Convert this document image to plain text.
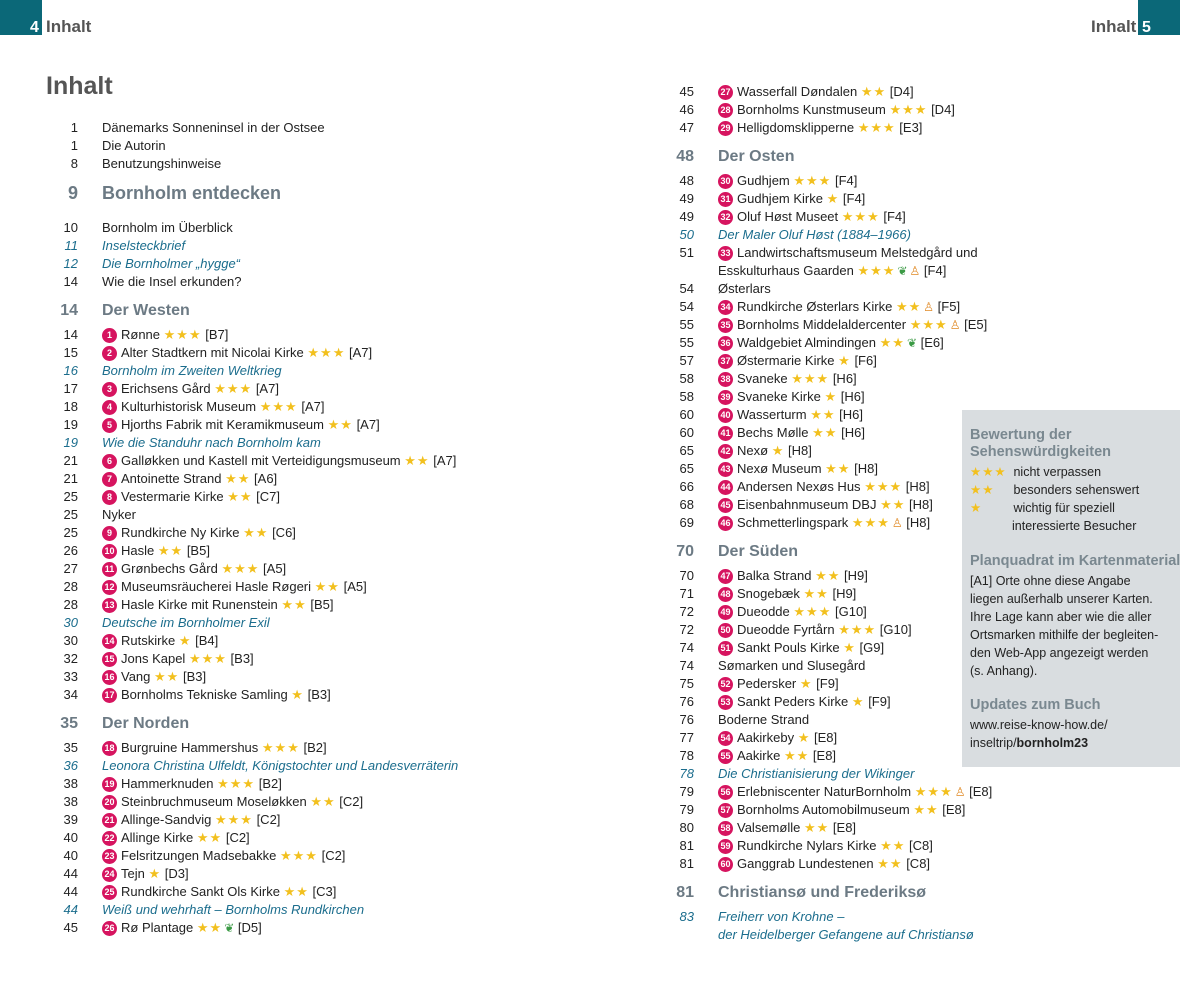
4 Inhalt	5
Inhalt
Inhalt
1 Dänemarks Sonneninsel in der Ostsee
1 Die Autorin
8 Benutzungshinweise
9 Bornholm entdecken
10 Bornholm im Überblick
11 Inselsteckbrief
12 Die Bornholmer „hygge“
14 Wie die Insel erkunden?
14 Der Westen
14	1 Rønne ★★★ [B7]
15	2 Alter Stadtkern mit Nicolai Kirke ★★★ [A7]
16 Bornholm im Zweiten Weltkrieg
17	3 Erichsens Gård ★★★ [A7]
18	4 Kulturhistorisk Museum ★★★ [A7]
19	5 Hjorths Fabrik mit Keramikmuseum ★★ [A7]
19 Wie die Standuhr nach Bornholm kam
21	6 Galløkken und Kastell mit Verteidigungsmuseum ★★ [A7]
21	7 Antoinette Strand ★★ [A6]
25	8 Vestermarie Kirke ★★ [C7]
25 Nyker
25	9 Rundkirche Ny Kirke ★★ [C6]
26	10 Hasle ★★ [B5]
27	11 Grønbechs Gård ★★★ [A5]
28	12 Museumsräucherei Hasle Røgeri ★★ [A5]
28	13 Hasle Kirke mit Runenstein ★★ [B5]
30 Deutsche im Bornholmer Exil
30	14 Rutskirke ★ [B4]
32	15 Jons Kapel ★★★ [B3]
33	16 Vang ★★ [B3]
34	17 Bornholms Tekniske Samling ★ [B3]
35 Der Norden
35	18 Burgruine Hammershus ★★★ [B2]
36 Leonora Christina Ulfeldt, Königstochter und Landesverräterin
38	19 Hammerknuden ★★★ [B2]
38	20 Steinbruchmuseum Moseløkken ★★ [C2]
39	21 Allinge-Sandvig ★★★ [C2]
40	22 Allinge Kirke ★★ [C2]
40	23 Felsritzungen Madsebakke ★★★ [C2]
44	24 Tejn ★ [D3]
44	25 Rundkirche Sankt Ols Kirke ★★ [C3]
44 Weiß und wehrhaft – Bornholms Rundkirchen
45	26 Rø Plantage ★★ ❦ [D5]
45	27 Wasserfall Døndalen ★★ [D4]
46	28 Bornholms Kunstmuseum ★★★ [D4]
47	29 Helligdomsklipperne ★★★ [E3]
48 Der Osten
48	30 Gudhjem ★★★ [F4]
49	31 Gudhjem Kirke ★ [F4]
49	32 Oluf Høst Museet ★★★ [F4]
50 Der Maler Oluf Høst (1884–1966)
51	33 Landwirtschaftsmuseum Melstedgård und
Esskulturhaus Gaarden ★★★ ❦ ♙ [F4]
54 Østerlars
54	34 Rundkirche Østerlars Kirke ★★ ♙ [F5]
55	35 Bornholms Middelaldercenter ★★★ ♙ [E5]
55	36 Waldgebiet Almindingen ★★ ❦ [E6]
57	37 Østermarie Kirke ★ [F6]
58	38 Svaneke ★★★ [H6]
58	39 Svaneke Kirke ★ [H6]
60	40 Wasserturm ★★ [H6]
60	41 Bechs Mølle ★★ [H6]
65	42 Nexø ★ [H8]
65	43 Nexø Museum ★★ [H8]
66	44 Andersen Nexøs Hus ★★★ [H8]
68	45 Eisenbahnmuseum DBJ ★★ [H8]
69	46 Schmetterlingspark ★★★ ♙ [H8]
70 Der Süden
70	47 Balka Strand ★★ [H9]
71	48 Snogebæk ★★ [H9]
72	49 Dueodde ★★★ [G10]
72	50 Dueodde Fyrtårn ★★★ [G10]
74	51 Sankt Pouls Kirke ★ [G9]
74 Sømarken und Slusegård
75	52 Pedersker ★ [F9]
76	53 Sankt Peders Kirke ★ [F9]
76 Boderne Strand
77	54 Aakirkeby ★ [E8]
78	55 Aakirke ★★ [E8]
78 Die Christianisierung der Wikinger
79	56 Erlebniscenter NaturBornholm ★★★ ♙ [E8]
79	57 Bornholms Automobilmuseum ★★ [E8]
80	58 Valsemølle ★★ [E8]
81	59 Rundkirche Nylars Kirke ★★ [C8]
81	60 Ganggrab Lundestenen ★★ [C8]
81 Christiansø und Frederiksø
83 Freiherr von Krohne –
der Heidelberger Gefangene auf Christiansø
Bewertung der
Sehenswürdigkeiten
★★★ nicht verpassen
★★ besonders sehenswert
★	wichtig für speziell
interessierte Besucher
Planquadrat im Kartenmaterial
[A1] Orte ohne diese Angabe
liegen außerhalb unserer Karten.
Ihre Lage kann aber wie die aller
Ortsmarken mithilfe der begleiten-
den Web-App angezeigt werden
(s. Anhang).
Updates zum Buch
www.reise-know-how.de/
inseltrip/bornholm23
